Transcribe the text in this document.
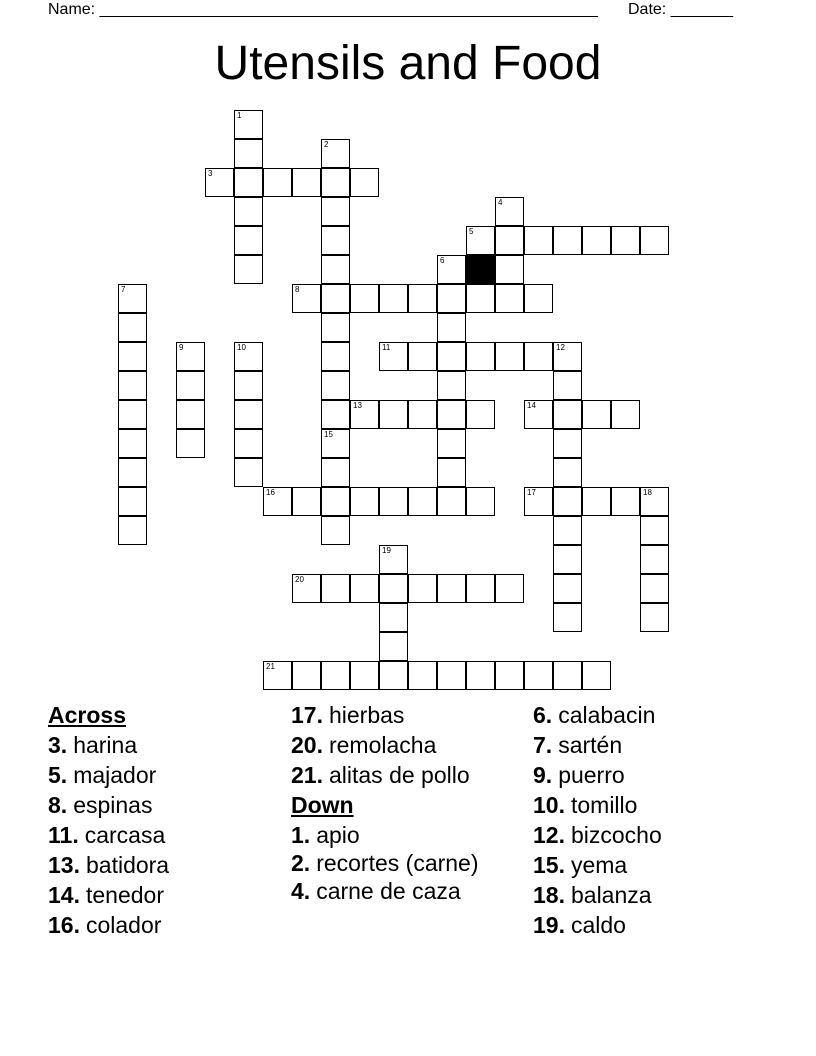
Name: ________________________________________________________ Date: _______
Utensils and Food
1
2
3
4
5
6
7	8
9	10	11	12
13	14
15
16	17	18
19
20
21
Across
3. harina
5. majador
8. espinas
11. carcasa
13. batidora
14. tenedor
16. colador
17. hierbas
20. remolacha
21. alitas de pollo
Down
1. apio
2. recortes (carne)
4. carne de caza
6. calabacin
7. sartén
9. puerro
10. tomillo
12. bizcocho
15. yema
18. balanza
19. caldo
